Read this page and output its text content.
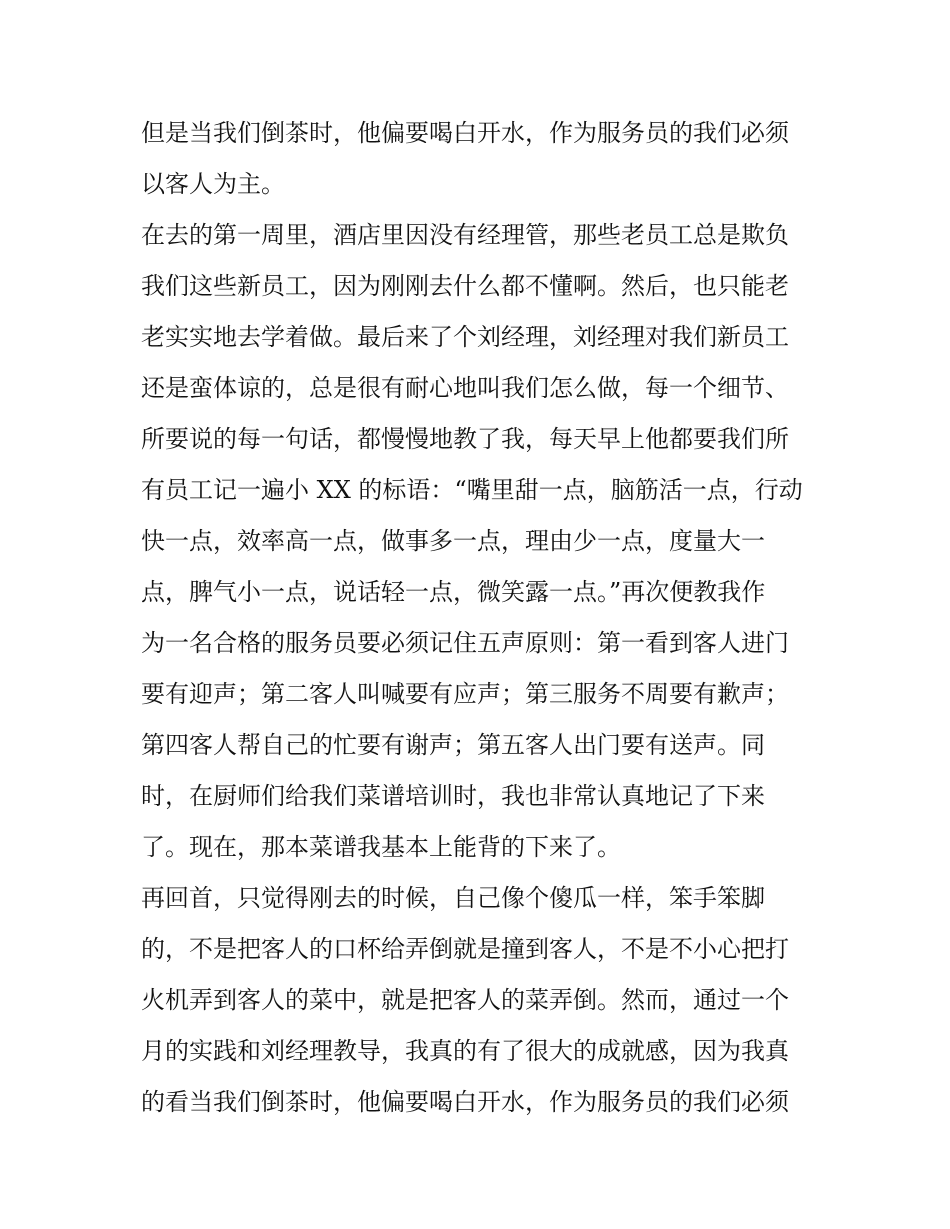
但是当我们倒茶时，他偏要喝白开水，作为服务员的我们必须
以客人为主。
在去的第一周里，酒店里因没有经理管，那些老员工总是欺负
我们这些新员工，因为刚刚去什么都不懂啊。然后，也只能老
老实实地去学着做。最后来了个刘经理，刘经理对我们新员工
还是蛮体谅的，总是很有耐心地叫我们怎么做，每一个细节、
所要说的每一句话，都慢慢地教了我，每天早上他都要我们所
有员工记一遍小 XX 的标语：“嘴里甜一点，脑筋活一点，行动
快一点，效率高一点，做事多一点，理由少一点，度量大一
点，脾气小一点，说话轻一点，微笑露一点。”再次便教我作
为一名合格的服务员要必须记住五声原则：第一看到客人进门
要有迎声；第二客人叫喊要有应声；第三服务不周要有歉声；
第四客人帮自己的忙要有谢声；第五客人出门要有送声。同
时，在厨师们给我们菜谱培训时，我也非常认真地记了下来
了。现在，那本菜谱我基本上能背的下来了。
再回首，只觉得刚去的时候，自己像个傻瓜一样，笨手笨脚
的，不是把客人的口杯给弄倒就是撞到客人，不是不小心把打
火机弄到客人的菜中，就是把客人的菜弄倒。然而，通过一个
月的实践和刘经理教导，我真的有了很大的成就感，因为我真
的看当我们倒茶时，他偏要喝白开水，作为服务员的我们必须
